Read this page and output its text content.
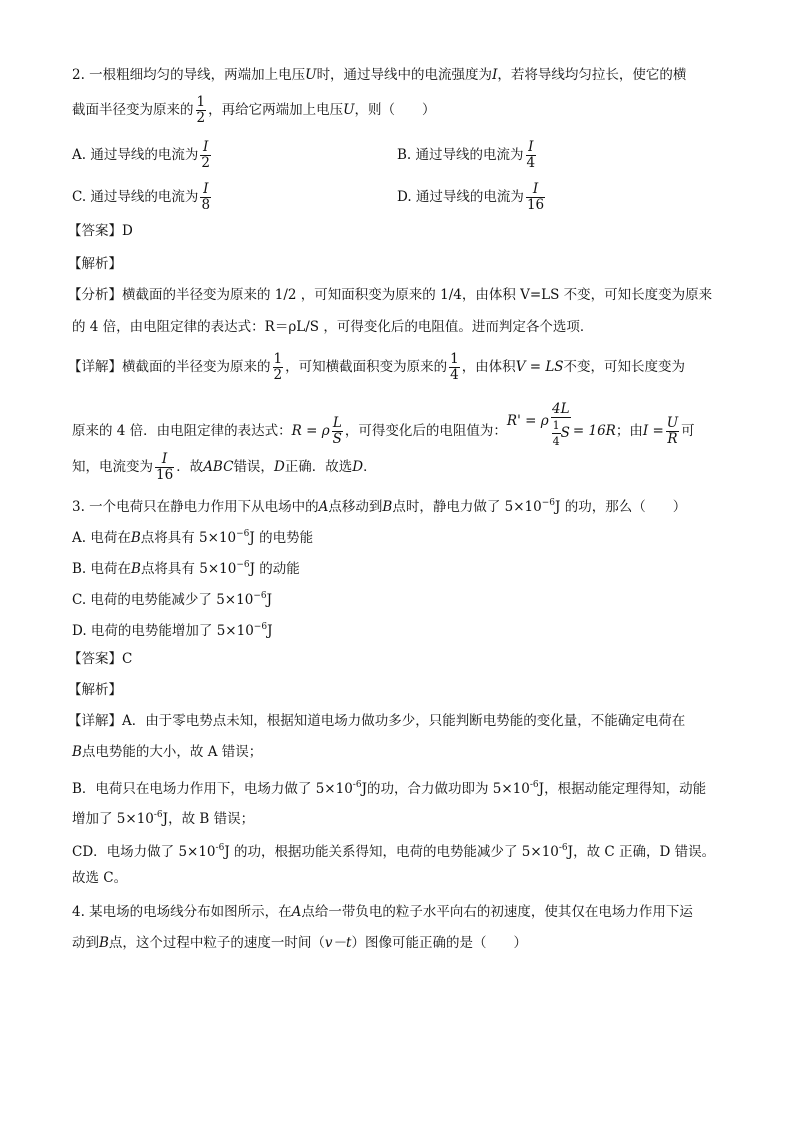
2. 一根粗细均匀的导线，两端加上电压U时，通过导线中的电流强度为I，若将导线均匀拉长，使它的横
截面半径变为原来的 $\frac{1}{2}$ ，再给它两端加上电压U，则（　　）
A. 通过导线的电流为 $\frac{I}{2}$	B. 通过导线的电流为 $\frac{I}{4}$
C. 通过导线的电流为 $\frac{I}{8}$	D. 通过导线的电流为 $\frac{I}{16}$
【答案】D
【解析】
【分析】横截面的半径变为原来的 1/2 ，可知面积变为原来的 1/4，由体积 V=LS 不变，可知长度变为原来
的 4 倍，由电阻定律的表达式：R＝ρL/S ，可得变化后的电阻值。进而判定各个选项．
【详解】横截面的半径变为原来的 $\frac{1}{2}$ ，可知横截面积变为原来的 $\frac{1}{4}$ ，由体积V = LS不变，可知长度变为
原来的 4 倍．由电阻定律的表达式：R = ρ $\frac{L}{S}$ ，可得变化后的电阻值为：R' = ρ $\frac{4L}{\frac{1}{4} S} = 16R$；由$I = \frac{U}{R}$ 可
知，电流变为 $\frac{I}{16}$ ．故ABC错误，D正确．故选D．
3. 一个电荷只在静电力作用下从电场中的A点移动到B点时，静电力做了 $5\times 10^{-6}J$ 的功，那么（　　）
A. 电荷在B点将具有 $5\times 10^{-6}J$ 的电势能
B. 电荷在B点将具有 $5\times 10^{-6}J$ 的动能
C. 电荷的电势能减少了 $5\times 10^{-6}J$
D. 电荷的电势能增加了 $5\times 10^{-6}J$
【答案】C
【解析】
【详解】A．由于零电势点未知，根据知道电场力做功多少，只能判断电势能的变化量，不能确定电荷在
B点电势能的大小，故 A 错误；
B．电荷只在电场力作用下，电场力做了 $5\times 10^{-6}J$的功，合力做功即为 $5\times 10^{-6}J$，根据动能定理得知，动能
增加了 $5\times 10^{-6}J$，故 B 错误；
CD．电场力做了 $5\times 10^{-6}J$ 的功，根据功能关系得知，电荷的电势能减少了 $5\times 10^{-6}J$，故 C 正确，D 错误。
故选 C。
4. 某电场的电场线分布如图所示，在A点给一带负电的粒子水平向右的初速度，使其仅在电场力作用下运
动到B点，这个过程中粒子的速度一时间（v－t）图像可能正确的是（　　）
